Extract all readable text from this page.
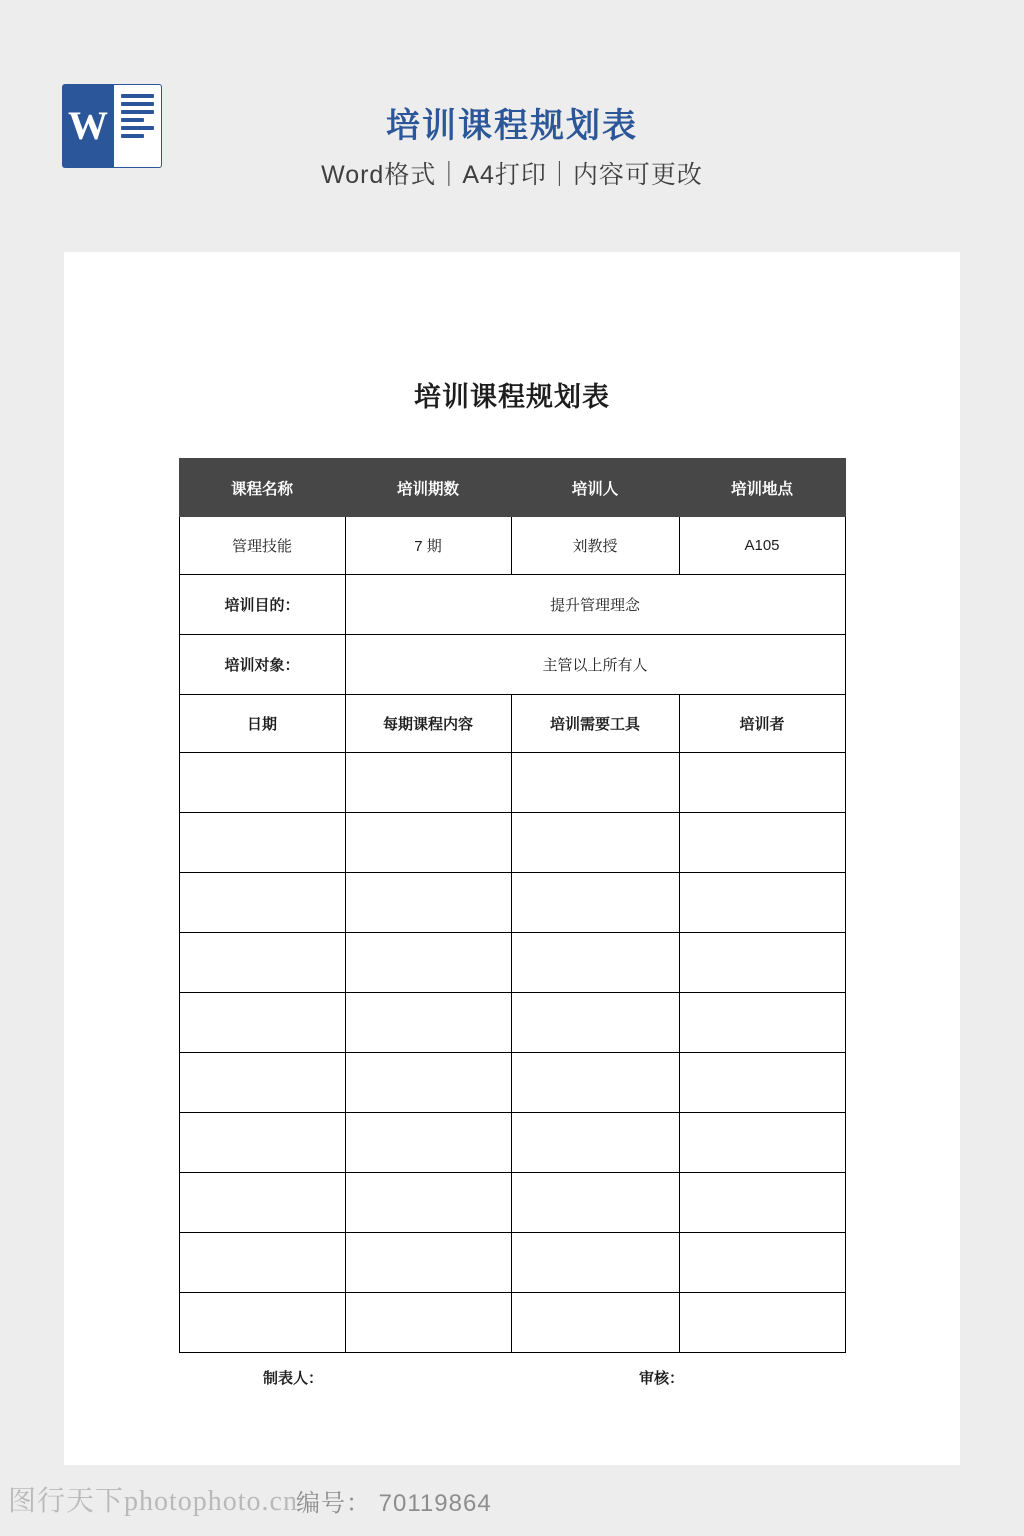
W	培训课程规划表
Word格式｜A4打印｜内容可更改
培训课程规划表
课程名称	培训期数	培训人	培训地点
管理技能	7 期	刘教授	A105
培训目的：	提升管理理念		
培训对象：	主管以上所有人		
日期	每期课程内容	培训需要工具	培训者

制表人：	审核：
图行天下photophoto.cn
编号： 70119864
